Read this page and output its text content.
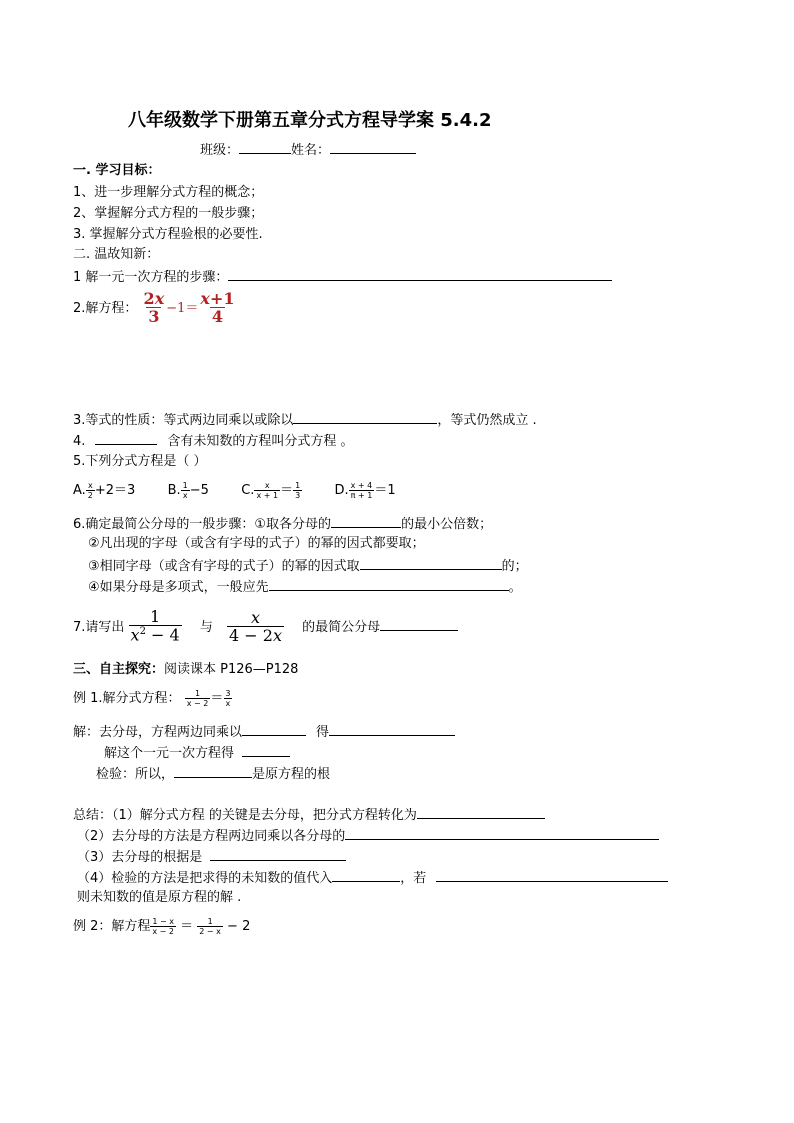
八年级数学下册第五章分式方程导学案 5.4.2
班级：	姓名：
一. 学习目标：
1、进一步理解分式方程的概念；
2、掌握解分式方程的一般步骤；
3. 掌握解分式方程验根的必要性.
二. 温故知新：
1 解一元一次方程的步骤：
2.解方程： $\frac{2x}{3} -1= \frac{x+1}{4}$
3.等式的性质：等式两边同乘以或除以	，等式仍然成立 .
4.	含有未知数的方程叫分式方程 。
5.下列分式方程是（ ）
A. $\frac{x}{2} +2=3$ B. $\frac{1}{x} -5$ C. $\frac{x}{x + 1} = \frac{1}{3} D$. $\frac{x + 4}{\pi + 1} =1$
6.确定最简公分母的一般步骤：①取各分母的	的最小公倍数；
②凡出现的字母（或含有字母的式子）的幂的因式都要取；
③相同字母（或含有字母的式子）的幂的因式取	的；
④如果分母是多项式，一般应先	。
7.请写出 $\frac{1}{x^2 - 4}$ 与 $\frac{x}{4 - 2x}$ 的最简公分母
三、自主探究：阅读课本 P126—P128
例 1.解分式方程： $\frac{1}{x - 2} = \frac{3}{x}$
解：去分母，方程两边同乘以	得
解这个一元一次方程得
检验：所以，	是原方程的根
总结：（1）解分式方程 的关键是去分母，把分式方程转化为
（2）去分母的方法是方程两边同乘以各分母的
（3）去分母的根据是
（4）检验的方法是把求得的未知数的值代入	，若
则未知数的值是原方程的解 .
例 2：解方程 $\frac{1 - x}{x - 2} = \frac{1}{2 - x} - 2$
